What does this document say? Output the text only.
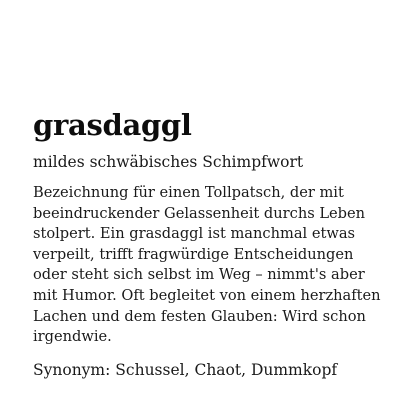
grasdaggl

mildes schwäbisches Schimpfwort

Bezeichnung für einen Tollpatsch, der mit beeindruckender Gelassenheit durchs Leben stolpert. Ein grasdaggl ist manchmal etwas verpeilt, trifft fragwürdige Entscheidungen oder steht sich selbst im Weg – nimmt's aber mit Humor. Oft begleitet von einem herzhaften Lachen und dem festen Glauben: Wird schon irgendwie.

Synonym: Schussel, Chaot, Dummkopf
